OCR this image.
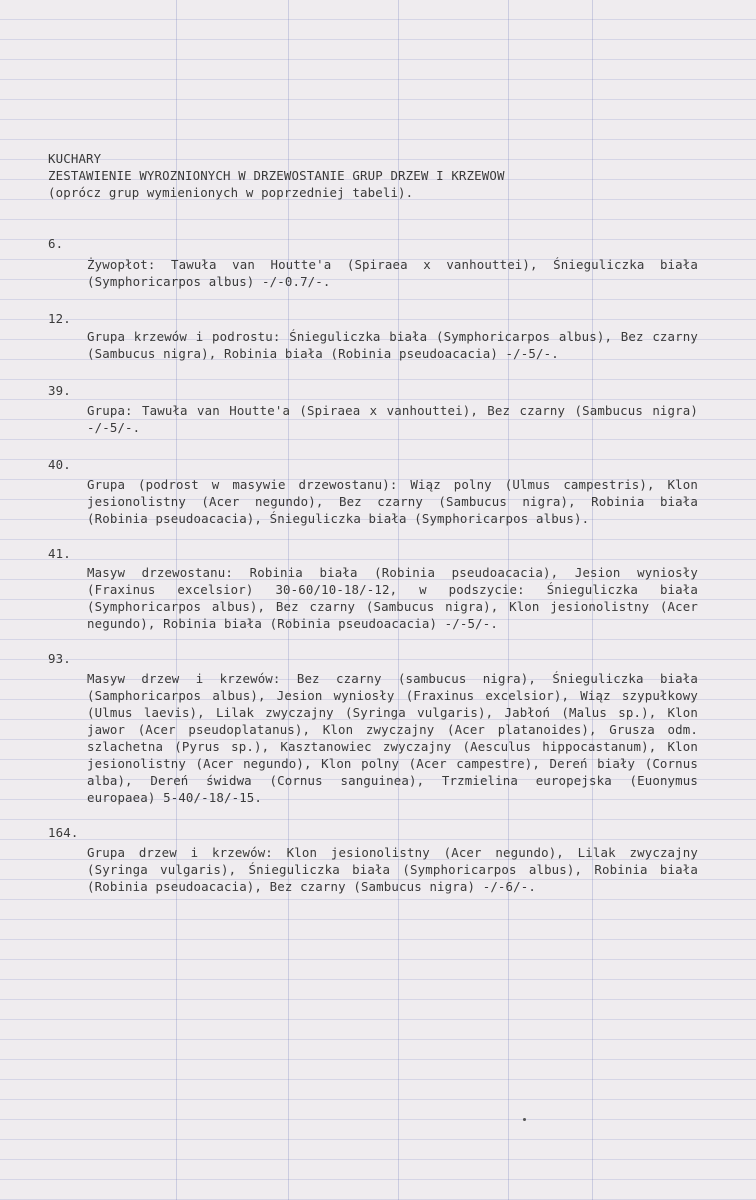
KUCHARY
ZESTAWIENIE WYROZNIONYCH W DRZEWOSTANIE GRUP DRZEW I KRZEWOW
(oprócz grup wymienionych w poprzedniej tabeli).
6.
Żywopłot: Tawuła van Houtte'a (Spiraea x vanhouttei), Śnieguliczka biała (Symphoricarpos albus) -/-0.7/-.
12.
Grupa krzewów i podrostu: Śnieguliczka biała (Symphoricarpos albus), Bez czarny (Sambucus nigra), Robinia biała (Robinia pseudoacacia) -/-5/-.
39.
Grupa: Tawuła van Houtte'a (Spiraea x vanhouttei), Bez czarny (Sambucus nigra) -/-5/-.
40.
Grupa (podrost w masywie drzewostanu): Wiąz polny (Ulmus campestris), Klon jesionolistny (Acer negundo), Bez czarny (Sambucus nigra), Robinia biała (Robinia pseudoacacia), Śnieguliczka biała (Symphoricarpos albus).
41.
Masyw drzewostanu: Robinia biała (Robinia pseudoacacia), Jesion wyniosły (Fraxinus excelsior) 30-60/10-18/-12, w podszycie: Śnieguliczka biała (Symphoricarpos albus), Bez czarny (Sambucus nigra), Klon jesionolistny (Acer negundo), Robinia biała (Robinia pseudoacacia) -/-5/-.
93.
Masyw drzew i krzewów: Bez czarny (sambucus nigra), Śnieguliczka biała (Samphoricarpos albus), Jesion wyniosły (Fraxinus excelsior), Wiąz szypułkowy (Ulmus laevis), Lilak zwyczajny (Syringa vulgaris), Jabłoń (Malus sp.), Klon jawor (Acer pseudoplatanus), Klon zwyczajny (Acer platanoides), Grusza odm. szlachetna (Pyrus sp.), Kasztanowiec zwyczajny (Aesculus hippocastanum), Klon jesionolistny (Acer negundo), Klon polny (Acer campestre), Dereń biały (Cornus alba), Dereń świdwa (Cornus sanguinea), Trzmielina europejska (Euonymus europaea) 5-40/-18/-15.
164.
Grupa drzew i krzewów: Klon jesionolistny (Acer negundo), Lilak zwyczajny (Syringa vulgaris), Śnieguliczka biała (Symphoricarpos albus), Robinia biała (Robinia pseudoacacia), Bez czarny (Sambucus nigra) -/-6/-.
